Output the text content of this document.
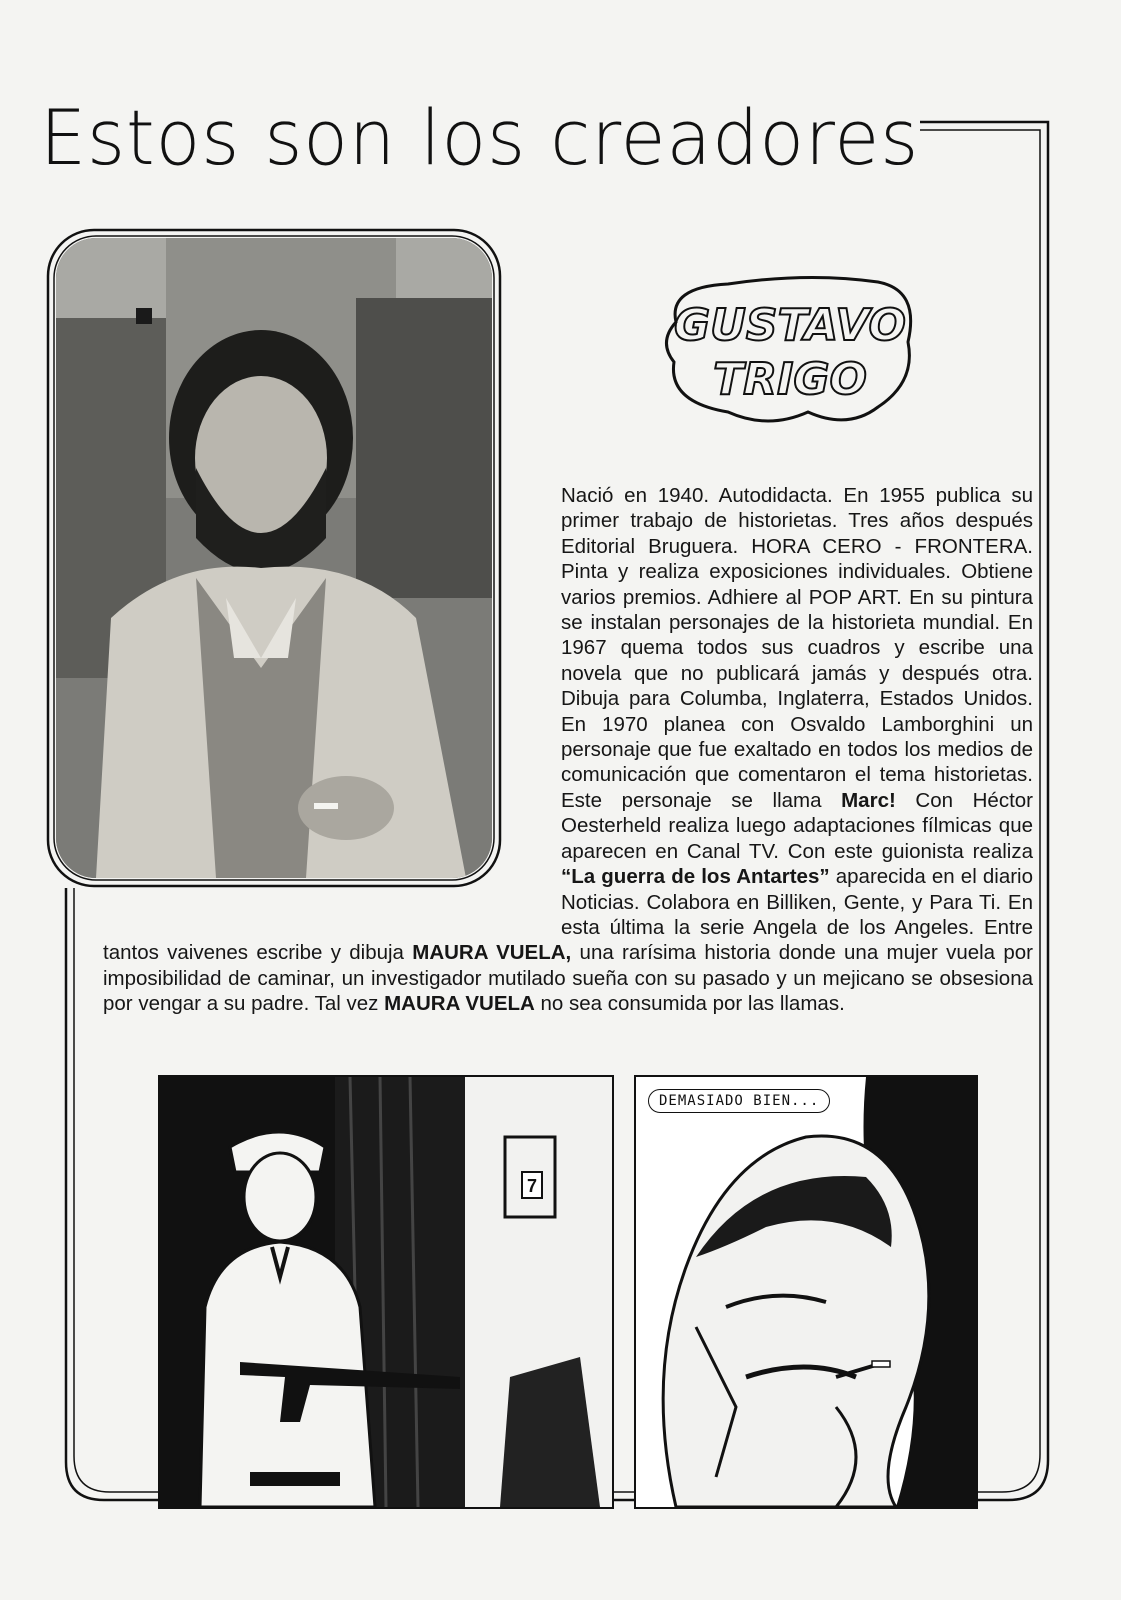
Estos son los creadores
GUSTAVO
TRIGO
Nació en 1940. Autodidacta. En 1955 publica su primer trabajo de historietas. Tres años después Editorial Bruguera. HORA CERO - FRONTERA. Pinta y realiza exposiciones individuales. Obtiene varios premios. Adhiere al POP ART. En su pintura se instalan personajes de la historieta mundial. En 1967 quema todos sus cuadros y escribe una novela que no publicará jamás y después otra. Dibuja para Columba, Inglaterra, Estados Unidos. En 1970 planea con Osvaldo Lamborghini un personaje que fue exaltado en todos los medios de comunicación que comentaron el tema historietas. Este personaje se llama Marc! Con Héctor Oesterheld realiza luego adaptaciones fílmicas que aparecen en Canal TV. Con este guionista realiza “La guerra de los Antartes” aparecida en el diario Noticias. Colabora en Billiken, Gente, y Para Ti. En esta última la serie Angela de los Angeles. Entre tantos vaivenes escribe y dibuja MAURA VUELA, una rarísima historia donde una mujer vuela por imposibilidad de caminar, un investigador mutilado sueña con su pasado y un mejicano se obsesiona por vengar a su padre. Tal vez MAURA VUELA no sea consumida por las llamas.
7
DEMASIADO BIEN...
